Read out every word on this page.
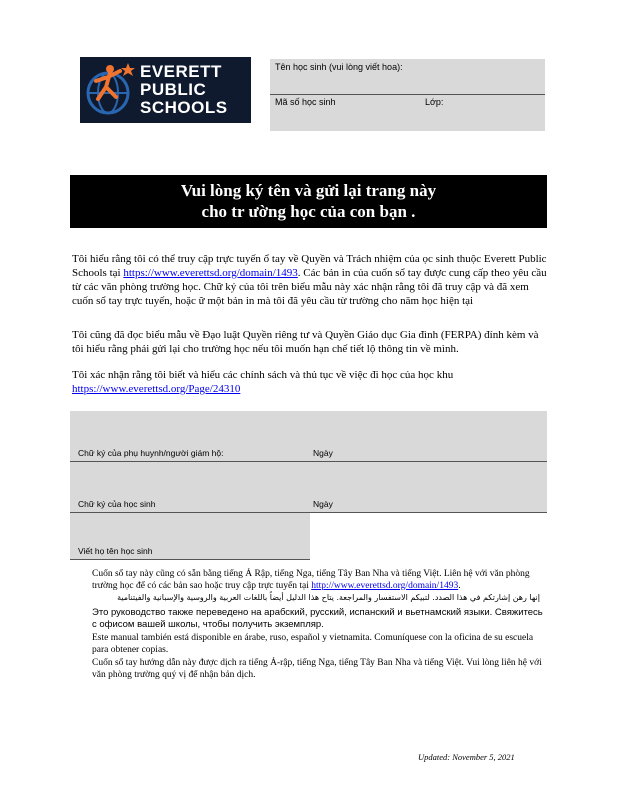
EVERETT
PUBLIC
SCHOOLS
Tên học sinh (vui lòng viết hoa):
Mã số học sinh	Lớp:
Vui lòng ký tên và gửi lại trang này
cho tr ường học của con bạn .
Tôi hiểu rằng tôi có thể truy cập trực tuyến ổ tay về Quyền và Trách nhiệm của ọc sinh thuộc Everett Public Schools tại https://www.everettsd.org/domain/1493. Các bản in của cuốn sổ tay được cung cấp theo yêu cầu từ các văn phòng trường học. Chữ ký của tôi trên biểu mẫu này xác nhận rằng tôi đã truy cập và đã xem cuốn sổ tay trực tuyến, hoặc ữ một bản in mà tôi đã yêu cầu từ trường cho năm học hiện tại
Tôi cũng đã đọc biểu mẫu về Đạo luật Quyền riêng tư và Quyền Giáo dục Gia đình (FERPA) đính kèm và tôi hiểu rằng phải gửi lại cho trường học nếu tôi muốn hạn chế tiết lộ thông tin về mình.
Tôi xác nhận rằng tôi biết và hiểu các chính sách và thủ tục về việc đi học của học khu
https://www.everettsd.org/Page/24310
Chữ ký của phụ huynh/người giám hộ:	Ngày
Chữ ký của học sinh	Ngày
Viết họ tên học sinh
Cuốn sổ tay này cũng có sẵn bằng tiếng Ả Rập, tiếng Nga, tiếng Tây Ban Nha và tiếng Việt. Liên hệ với văn phòng trường học để có các bản sao hoặc truy cập trực tuyến tại http://www.everettsd.org/domain/1493.
إنها رهن إشارتكم في هذا الصدد. لتبيكم الاستفسار والمراجعة. يتاح هذا الدليل أيضاً باللغات العربية والروسية والإسبانية والفيتنامية
Это руководство также переведено на арабский, русский, испанский и вьетнамский языки. Свяжитесь с офисом вашей школы, чтобы получить экземпляр.
Este manual también está disponible en árabe, ruso, español y vietnamita. Comuníquese con la oficina de su escuela para obtener copias.
Cuốn sổ tay hướng dẫn này được dịch ra tiếng Ả-rập, tiếng Nga, tiếng Tây Ban Nha và tiếng Việt. Vui lòng liên hệ với văn phòng trường quý vị để nhận bản dịch.
Updated: November 5, 2021
